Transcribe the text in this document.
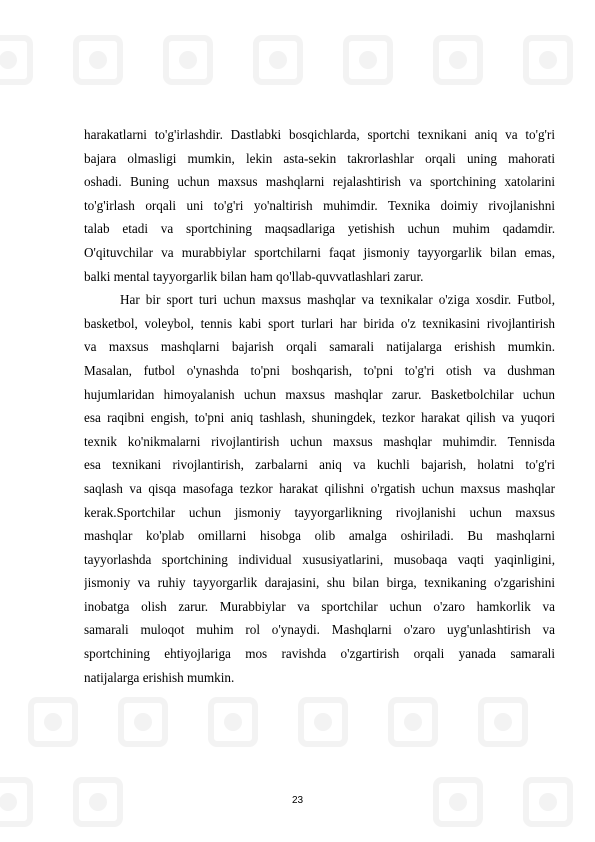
harakatlarni to'g'irlashdir. Dastlabki bosqichlarda, sportchi texnikani aniq va to'g'ri
bajara olmasligi mumkin, lekin asta-sekin takrorlashlar orqali uning mahorati
oshadi. Buning uchun maxsus mashqlarni rejalashtirish va sportchining xatolarini
to'g'irlash orqali uni to'g'ri yo'naltirish muhimdir. Texnika doimiy rivojlanishni
talab etadi va sportchining maqsadlariga yetishish uchun muhim qadamdir.
O'qituvchilar va murabbiylar sportchilarni faqat jismoniy tayyorgarlik bilan emas,
balki mental tayyorgarlik bilan ham qo'llab-quvvatlashlari zarur.
Har bir sport turi uchun maxsus mashqlar va texnikalar o'ziga xosdir. Futbol,
basketbol, voleybol, tennis kabi sport turlari har birida o'z texnikasini rivojlantirish
va maxsus mashqlarni bajarish orqali samarali natijalarga erishish mumkin.
Masalan, futbol o'ynashda to'pni boshqarish, to'pni to'g'ri otish va dushman
hujumlaridan himoyalanish uchun maxsus mashqlar zarur. Basketbolchilar uchun
esa raqibni engish, to'pni aniq tashlash, shuningdek, tezkor harakat qilish va yuqori
texnik ko'nikmalarni rivojlantirish uchun maxsus mashqlar muhimdir. Tennisda
esa texnikani rivojlantirish, zarbalarni aniq va kuchli bajarish, holatni to'g'ri
saqlash va qisqa masofaga tezkor harakat qilishni o'rgatish uchun maxsus mashqlar
kerak.Sportchilar uchun jismoniy tayyorgarlikning rivojlanishi uchun maxsus
mashqlar ko'plab omillarni hisobga olib amalga oshiriladi. Bu mashqlarni
tayyorlashda sportchining individual xususiyatlarini, musobaqa vaqti yaqinligini,
jismoniy va ruhiy tayyorgarlik darajasini, shu bilan birga, texnikaning o'zgarishini
inobatga olish zarur. Murabbiylar va sportchilar uchun o'zaro hamkorlik va
samarali muloqot muhim rol o'ynaydi. Mashqlarni o'zaro uyg'unlashtirish va
sportchining ehtiyojlariga mos ravishda o'zgartirish orqali yanada samarali
natijalarga erishish mumkin.
23
